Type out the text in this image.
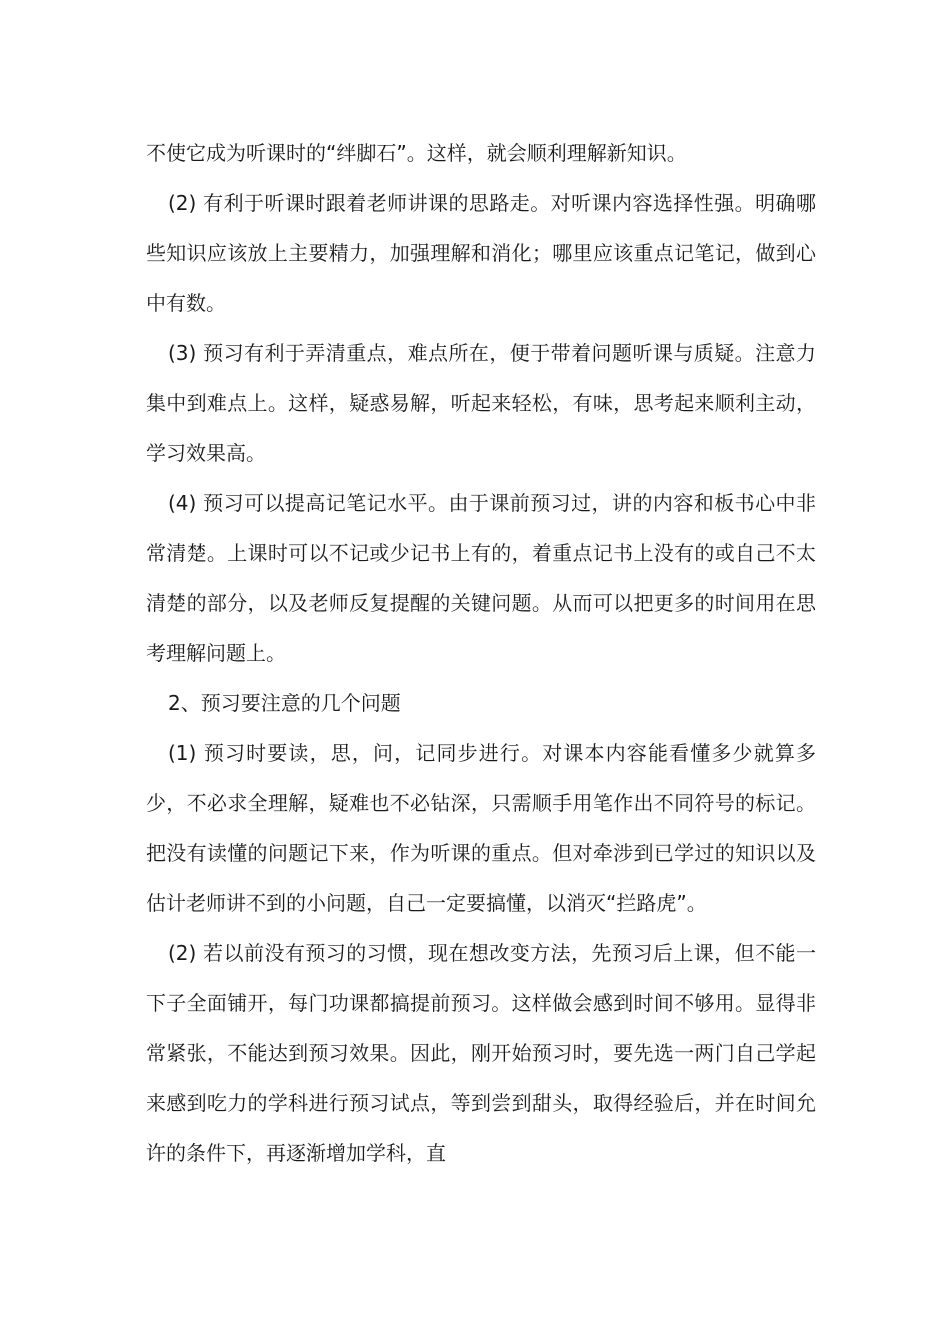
不使它成为听课时的“绊脚石”。这样，就会顺利理解新知识。

(2) 有利于听课时跟着老师讲课的思路走。对听课内容选择性强。明确哪些知识应该放上主要精力，加强理解和消化；哪里应该重点记笔记，做到心中有数。

(3) 预习有利于弄清重点，难点所在，便于带着问题听课与质疑。注意力集中到难点上。这样，疑惑易解，听起来轻松，有味，思考起来顺利主动，学习效果高。

(4) 预习可以提高记笔记水平。由于课前预习过，讲的内容和板书心中非常清楚。上课时可以不记或少记书上有的，着重点记书上没有的或自己不太清楚的部分，以及老师反复提醒的关键问题。从而可以把更多的时间用在思考理解问题上。

2、预习要注意的几个问题

(1) 预习时要读，思，问，记同步进行。对课本内容能看懂多少就算多少，不必求全理解，疑难也不必钻深，只需顺手用笔作出不同符号的标记。把没有读懂的问题记下来，作为听课的重点。但对牵涉到已学过的知识以及估计老师讲不到的小问题，自己一定要搞懂，以消灭“拦路虎”。

(2) 若以前没有预习的习惯，现在想改变方法，先预习后上课，但不能一下子全面铺开，每门功课都搞提前预习。这样做会感到时间不够用。显得非常紧张，不能达到预习效果。因此，刚开始预习时，要先选一两门自己学起来感到吃力的学科进行预习试点，等到尝到甜头，取得经验后，并在时间允许的条件下，再逐渐增加学科，直
